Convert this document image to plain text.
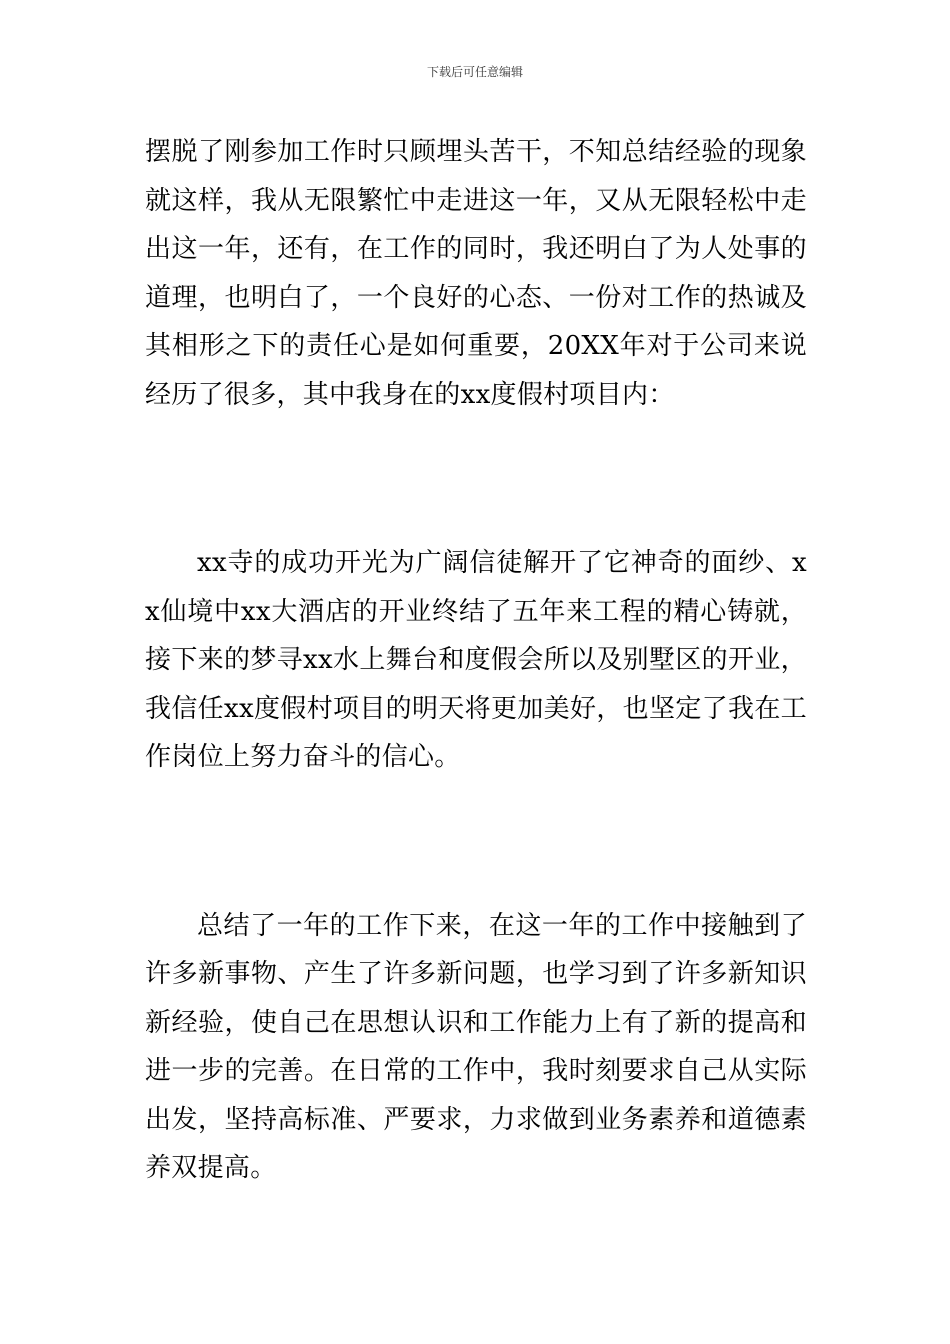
下载后可任意编辑

摆脱了刚参加工作时只顾埋头苦干，不知总结经验的现象就这样，我从无限繁忙中走进这一年，又从无限轻松中走出这一年，还有，在工作的同时，我还明白了为人处事的道理，也明白了，一个良好的心态、一份对工作的热诚及其相形之下的责任心是如何重要，20XX年对于公司来说经历了很多，其中我身在的xx度假村项目内：

xx寺的成功开光为广阔信徒解开了它神奇的面纱、xx仙境中xx大酒店的开业终结了五年来工程的精心铸就，接下来的梦寻xx水上舞台和度假会所以及别墅区的开业，我信任xx度假村项目的明天将更加美好，也坚定了我在工作岗位上努力奋斗的信心。

总结了一年的工作下来，在这一年的工作中接触到了许多新事物、产生了许多新问题，也学习到了许多新知识新经验，使自己在思想认识和工作能力上有了新的提高和进一步的完善。在日常的工作中，我时刻要求自己从实际出发，坚持高标准、严要求，力求做到业务素养和道德素养双提高。
